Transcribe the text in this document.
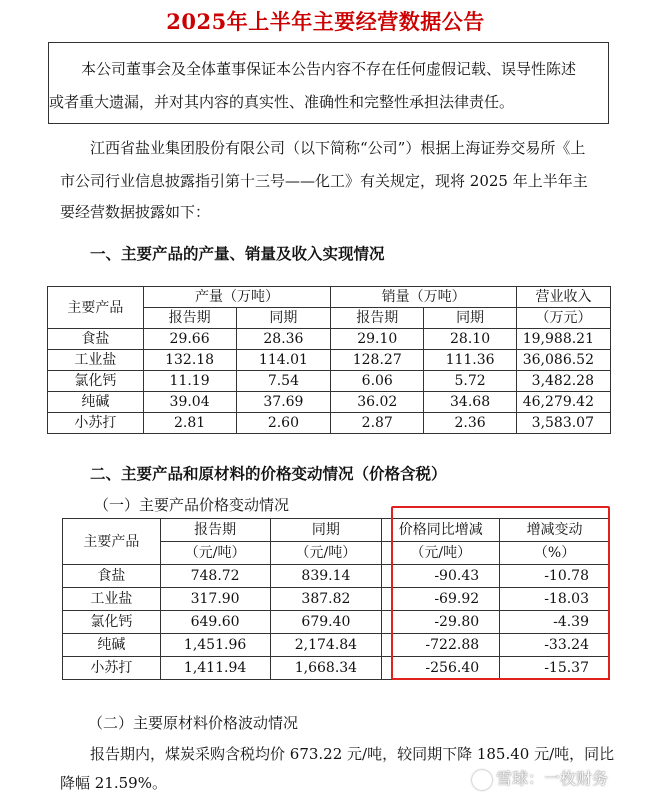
2025年上半年主要经营数据公告
本公司董事会及全体董事保证本公告内容不存在任何虚假记载、误导性陈述
或者重大遗漏，并对其内容的真实性、准确性和完整性承担法律责任。
江西省盐业集团股份有限公司（以下简称“公司”）根据上海证券交易所《上
市公司行业信息披露指引第十三号——化工》有关规定，现将 2025 年上半年主
要经营数据披露如下：
一、主要产品的产量、销量及收入实现情况
主要产品	产量（万吨）		销量（万吨）		营业收入
	报告期	同期	报告期	同期	（万元）
食盐	29.66	28.36	29.10	28.10	19,988.21
工业盐	132.18	114.01	128.27	111.36	36,086.52
氯化钙	11.19	7.54	6.06	5.72	3,482.28
纯碱	39.04	37.69	36.02	34.68	46,279.42
小苏打	2.81	2.60	2.87	2.36	3,583.07
二、主要产品和原材料的价格变动情况（价格含税）
（一）主要产品价格变动情况
主要产品	报告期	同期	价格同比增减	增减变动
	（元/吨）	（元/吨）	（元/吨）	（%）
食盐	748.72	839.14	-90.43	-10.78
工业盐	317.90	387.82	-69.92	-18.03
氯化钙	649.60	679.40	-29.80	-4.39
纯碱	1,451.96	2,174.84	-722.88	-33.24
小苏打	1,411.94	1,668.34	-256.40	-15.37
（二）主要原材料价格波动情况
报告期内，煤炭采购含税均价 673.22 元/吨，较同期下降 185.40 元/吨，同比
降幅 21.59%。	雪球：一枚财务
